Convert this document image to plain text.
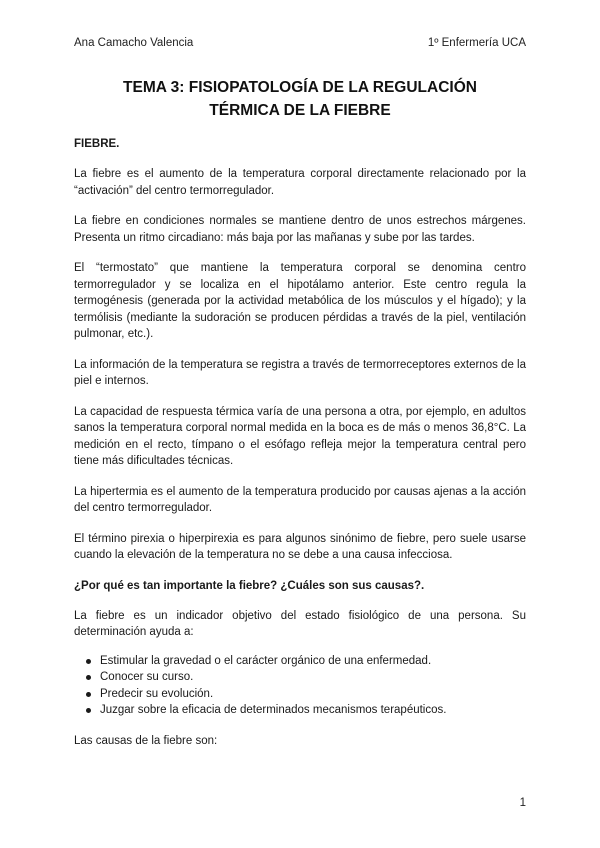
Ana Camacho Valencia	1º Enfermería UCA
TEMA 3: FISIOPATOLOGÍA DE LA REGULACIÓN
TÉRMICA DE LA FIEBRE
FIEBRE.

La fiebre es el aumento de la temperatura corporal directamente relacionado por la “activación” del centro termorregulador.

La fiebre en condiciones normales se mantiene dentro de unos estrechos márgenes. Presenta un ritmo circadiano: más baja por las mañanas y sube por las tardes.

El “termostato” que mantiene la temperatura corporal se denomina centro termorregulador y se localiza en el hipotálamo anterior. Este centro regula la termogénesis (generada por la actividad metabólica de los músculos y el hígado); y la termólisis (mediante la sudoración se producen pérdidas a través de la piel, ventilación pulmonar, etc.).

La información de la temperatura se registra a través de termorreceptores externos de la piel e internos.

La capacidad de respuesta térmica varía de una persona a otra, por ejemplo, en adultos sanos la temperatura corporal normal medida en la boca es de más o menos 36,8°C. La medición en el recto, tímpano o el esófago refleja mejor la temperatura central pero tiene más dificultades técnicas.

La hipertermia es el aumento de la temperatura producido por causas ajenas a la acción del centro termorregulador.

El término pirexia o hiperpirexia es para algunos sinónimo de fiebre, pero suele usarse cuando la elevación de la temperatura no se debe a una causa infecciosa.

¿Por qué es tan importante la fiebre? ¿Cuáles son sus causas?.

La fiebre es un indicador objetivo del estado fisiológico de una persona. Su determinación ayuda a:

Estimular la gravedad o el carácter orgánico de una enfermedad.
Conocer su curso.
Predecir su evolución.
Juzgar sobre la eficacia de determinados mecanismos terapéuticos.

Las causas de la fiebre son:

1
